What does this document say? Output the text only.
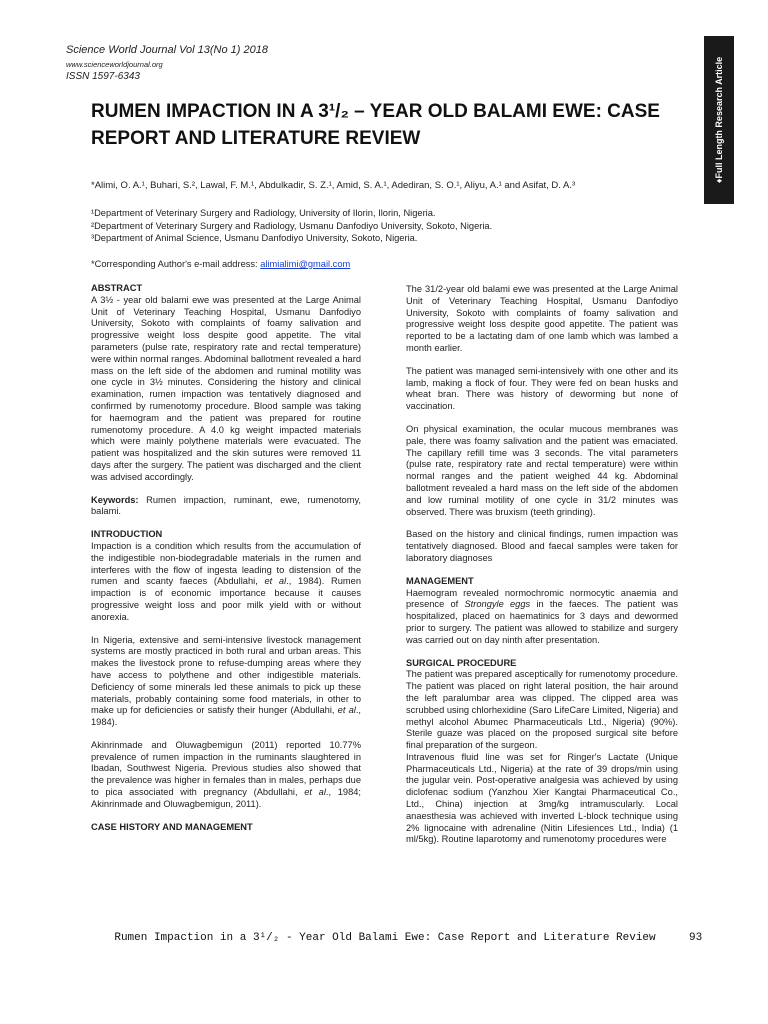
Science World Journal Vol 13(No 1) 2018
www.scienceworldjournal.org
ISSN 1597-6343	♦Full Length Research Article
RUMEN IMPACTION IN A 3¹/₂ – YEAR OLD BALAMI EWE: CASE
REPORT AND LITERATURE REVIEW
*Alimi, O. A.¹, Buhari, S.², Lawal, F. M.¹, Abdulkadir, S. Z.¹, Amid, S. A.¹, Adediran, S. O.¹, Aliyu, A.¹ and Asifat, D. A.³
¹Department of Veterinary Surgery and Radiology, University of Ilorin, Ilorin, Nigeria.
²Department of Veterinary Surgery and Radiology, Usmanu Danfodiyo University, Sokoto, Nigeria.
³Department of Animal Science, Usmanu Danfodiyo University, Sokoto, Nigeria.
*Corresponding Author's e-mail address: alimialimi@gmail.com
ABSTRACT

A 3½ - year old balami ewe was presented at the Large Animal Unit of Veterinary Teaching Hospital, Usmanu Danfodiyo University, Sokoto with complaints of foamy salivation and progressive weight loss despite good appetite. The vital parameters (pulse rate, respiratory rate and rectal temperature) were within normal ranges. Abdominal ballotment revealed a hard mass on the left side of the abdomen and ruminal motility was one cycle in 3½ minutes. Considering the history and clinical examination, rumen impaction was tentatively diagnosed and confirmed by rumenotomy procedure. Blood sample was taking for haemogram and the patient was prepared for routine rumenotomy procedure. A 4.0 kg weight impacted materials which were mainly polythene materials were evacuated. The patient was hospitalized and the skin sutures were removed 11 days after the surgery. The patient was discharged and the client was advised accordingly.

Keywords: Rumen impaction, ruminant, ewe, rumenotomy, balami.

INTRODUCTION

Impaction is a condition which results from the accumulation of the indigestible non-biodegradable materials in the rumen and interferes with the flow of ingesta leading to distension of the rumen and scanty faeces (Abdullahi, et al., 1984). Rumen impaction is of economic importance because it causes progressive weight loss and poor milk yield with or without anorexia.

In Nigeria, extensive and semi-intensive livestock management systems are mostly practiced in both rural and urban areas. This makes the livestock prone to refuse-dumping areas where they have access to polythene and other indigestible materials. Deficiency of some minerals led these animals to pick up these materials, probably containing some food materials, in other to make up for deficiencies or satisfy their hunger (Abdullahi, et al., 1984).

Akinrinmade and Oluwagbemigun (2011) reported 10.77% prevalence of rumen impaction in the ruminants slaughtered in Ibadan, Southwest Nigeria. Previous studies also showed that the prevalence was higher in females than in males, perhaps due to pica associated with pregnancy (Abdullahi, et al., 1984; Akinrinmade and Oluwagbemigun, 2011).

CASE HISTORY AND MANAGEMENT

The 31/2-year old balami ewe was presented at the Large Animal Unit of Veterinary Teaching Hospital, Usmanu Danfodiyo University, Sokoto with complaints of foamy salivation and progressive weight loss despite good appetite. The patient was reported to be a lactating dam of one lamb which was lambed a month earlier.

The patient was managed semi-intensively with one other and its lamb, making a flock of four. They were fed on bean husks and wheat bran. There was history of deworming but none of vaccination.

On physical examination, the ocular mucous membranes was pale, there was foamy salivation and the patient was emaciated. The capillary refill time was 3 seconds. The vital parameters (pulse rate, respiratory rate and rectal temperature) were within normal ranges and the patient weighed 44 kg. Abdominal ballotment revealed a hard mass on the left side of the abdomen and low ruminal motility of one cycle in 31/2 minutes was observed. There was bruxism (teeth grinding).

Based on the history and clinical findings, rumen impaction was tentatively diagnosed. Blood and faecal samples were taken for laboratory diagnoses

MANAGEMENT

Haemogram revealed normochromic normocytic anaemia and presence of Strongyle eggs in the faeces. The patient was hospitalized, placed on haematinics for 3 days and dewormed prior to surgery. The patient was allowed to stabilize and surgery was carried out on day ninth after presentation.

SURGICAL PROCEDURE

The patient was prepared asceptically for rumenotomy procedure. The patient was placed on right lateral position, the hair around the left paralumbar area was clipped. The clipped area was scrubbed using chlorhexidine (Saro LifeCare Limited, Nigeria) and methyl alcohol Abumec Pharmaceuticals Ltd., Nigeria) (90%). Sterile guaze was placed on the proposed surgical site before final preparation of the surgeon.

Intravenous fluid line was set for Ringer's Lactate (Unique Pharmaceuticals Ltd., Nigeria) at the rate of 39 drops/min using the jugular vein. Post-operative analgesia was achieved by using diclofenac sodium (Yanzhou Xier Kangtai Pharmaceutical Co., Ltd., China) injection at 3mg/kg intramuscularly. Local anaesthesia was achieved with inverted L-block technique using 2% lignocaine with adrenaline (Nitin Lifesiences Ltd., India) (1 ml/5kg). Routine laparotomy and rumenotomy procedures were

Rumen Impaction in a 3¹/₂ - Year Old Balami Ewe: Case Report and Literature Review	93
